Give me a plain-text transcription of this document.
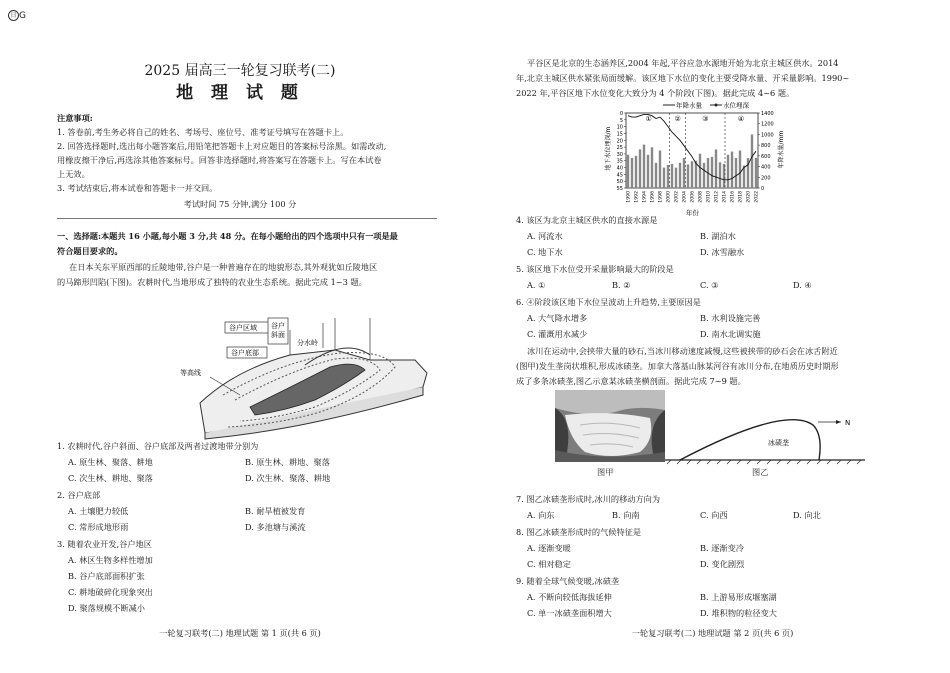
日 G
2025 届高三一轮复习联考(二)
地 理 试 题
注意事项:
1. 答卷前,考生务必将自己的姓名、考场号、座位号、准考证号填写在答题卡上。
2. 回答选择题时,选出每小题答案后,用铅笔把答题卡上对应题目的答案标号涂黑。如需改动,
用橡皮擦干净后,再选涂其他答案标号。回答非选择题时,将答案写在答题卡上。写在本试卷
上无效。
3. 考试结束后,将本试卷和答题卡一并交回。
考试时间 75 分钟,满分 100 分
一、选择题:本题共 16 小题,每小题 3 分,共 48 分。在每小题给出的四个选项中只有一项是最
符合题目要求的。
在日本关东平原西部的丘陵地带,谷户是一种普遍存在的地貌形态,其外观犹如丘陵地区
的马蹄形凹陷(下图)。农耕时代,当地形成了独特的农业生态系统。据此完成 1~3 题。
谷户区域 谷户斜面
谷户底部
分水岭
等高线
1. 农耕时代,谷户斜面、谷户底部及两者过渡地带分别为
A. 原生林、聚落、耕地	B. 原生林、耕地、聚落
C. 次生林、耕地、聚落	D. 次生林、聚落、耕地
2. 谷户底部
A. 土壤肥力较低	B. 耐旱植被发育
C. 常形成地形雨	D. 多池塘与溪流
3. 随着农业开发,谷户地区
A. 林区生物多样性增加
B. 谷户底部面积扩张
C. 耕地破碎化现象突出
D. 聚落规模不断减小
一轮复习联考(二) 地理试题 第 1 页(共 6 页)
平谷区是北京的生态涵养区,2004 年起,平谷应急水源地开始为北京主城区供水。2014
年,北京主城区供水紧张局面缓解。该区地下水位的变化主要受降水量、开采量影响。1990~
2022 年,平谷区地下水位变化大致分为 4 个阶段(下图)。据此完成 4~6 题。
年降水量	水位埋深
①	②	③	④
0
5
10
15
20
25
30
35
40
45
50
55	0
200
400
600
800
1000
1200
1400
1990 1992 1994 1996 1998 2000 2002 2004 2006 2008 2010 2012 2014 2016 2018 2020 2022
地下水位埋深/m	年降水量/mm
年份
4. 该区为北京主城区供水的直接水源是
A. 河流水	B. 湖泊水
C. 地下水	D. 冰雪融水
5. 该区地下水位受开采量影响最大的阶段是
A. ①	B. ②	C. ③	D. ④
6. ④阶段该区地下水位呈波动上升趋势,主要原因是
A. 大气降水增多	B. 水利设施完善
C. 灌溉用水减少	D. 南水北调实施
冰川在运动中,会挟带大量的砂石,当冰川移动速度减慢,这些被挟带的砂石会在冰舌附近
(图甲)发生垄岗状堆积,形成冰碛垄。加拿大落基山脉某河谷有冰川分布,在地质历史时期形
成了多条冰碛垄,图乙示意某冰碛垄横剖面。据此完成 7~9 题。
N
冰碛垄
图甲	图乙
7. 图乙冰碛垄形成时,冰川的移动方向为
A. 向东	B. 向南	C. 向西	D. 向北
8. 图乙冰碛垄形成时的气候特征是
A. 逐渐变暖	B. 逐渐变冷
C. 相对稳定	D. 变化剧烈
9. 随着全球气候变暖,冰碛垄
A. 不断向较低海拔延伸	B. 上游易形成堰塞湖
C. 单一冰碛垄面积增大	D. 堆积物的粒径变大
一轮复习联考(二) 地理试题 第 2 页(共 6 页)
